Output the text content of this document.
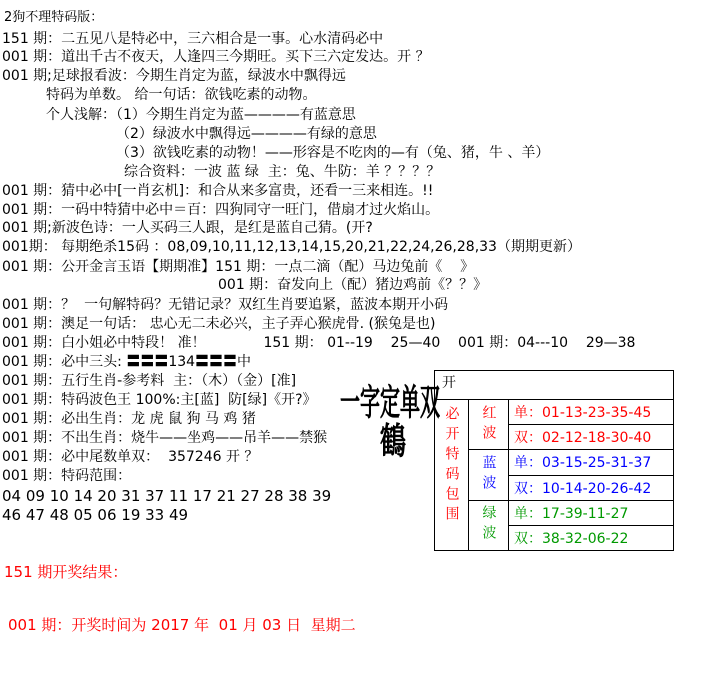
2狗不理特码版：
151 期：二五见八是特必中，三六相合是一事。心水清码必中
001 期：道出千古不夜天，人逢四三今期旺。买下三六定发达。开 ？
001 期;足球报看波：今期生肖定为蓝，绿波水中飘得远
特码为单数。 给一句话：欲钱吃素的动物。
个人浅解：（1）今期生肖定为蓝————有蓝意思
（2）绿波水中飘得远————有绿的意思
（3）欲钱吃素的动物！——形容是不吃肉的—有（兔、猪，牛 、羊）
综合资料：一波 蓝 绿  主：兔、牛防：羊 ？？？？
001 期：猜中必中[一肖玄机]：和合从来多富贵，还看一三来相连。!!
001 期：一码中特猜中必中＝百：四狗同守一旺门，借扇才过火焰山。
001 期;新波色诗：一人买码三人跟，是红是蓝自己猜。(开?
001期： 每期绝杀15码 ：08,09,10,11,12,13,14,15,20,21,22,24,26,28,33（期期更新）
001 期：公开金言玉语【期期准】151 期：一点二滴（配）马边兔前《    》
001 期：奋发向上（配）猪边鸡前《？？》
001 期：？  一句解特码？无错记录？双红生肖要追紧，蓝波本期开小码
001 期：澳足一句话： 忠心无二未必兴，主子弄心猴虎骨. (猴兔是也)
001 期：白小姐必中特段！ 准！             151 期： 01--19    25—40    001 期：04---10    29—38
001 期：必中三头: 〓〓〓134〓〓〓中
001 期：五行生肖-参考料  主：（木）（金）[准]
001 期：特码波色王 100%:主[蓝]  防[绿]《开?》
001 期：必出生肖：龙 虎 鼠 狗 马 鸡 猪
001 期：不出生肖：烧牛——坐鸡——吊羊——禁猴
001 期：必中尾数单双：  357246 开 ？
001 期：特码范围：
04 09 10 14 20 31 37 11 17 21 27 28 38 39
46 47 48 05 06 19 33 49
开
必开特码包围	红波	单：01-13-23-35-45
双：02-12-18-30-40
蓝波	单：03-15-25-31-37
双：10-14-20-26-42
绿波	单：17-39-11-27
双：38-32-06-22
一字定单双
鶴
151 期开奖结果：
001 期：开奖时间为 2017 年  01 月 03 日  星期二
